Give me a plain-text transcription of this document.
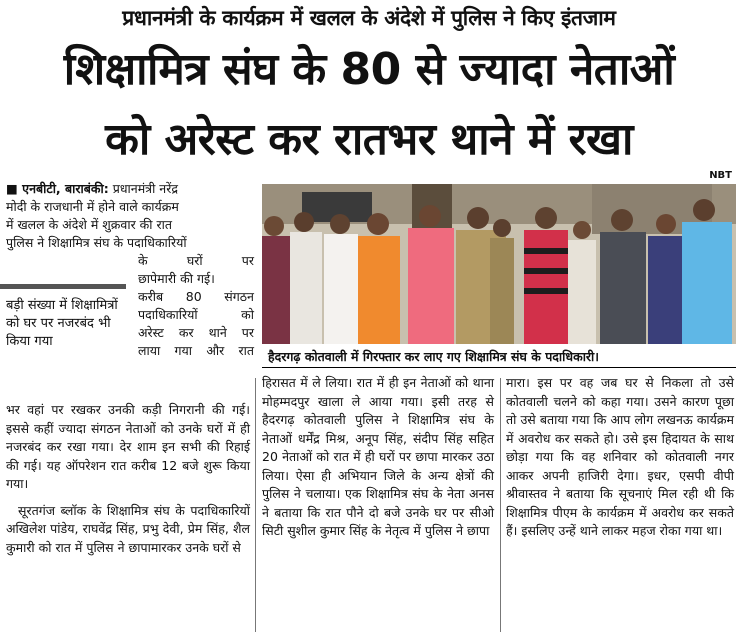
प्रधानमंत्री के कार्यक्रम में खलल के अंदेशे में पुलिस ने किए इंतजाम
शिक्षामित्र संघ के 80 से ज्यादा नेताओं
को अरेस्ट कर रातभर थाने में रखा
NBT
■ एनबीटी, बाराबंकी: प्रधानमंत्री नरेंद्र
मोदी के राजधानी में होने वाले कार्यक्रम
में खलल के अंदेशे में शुक्रवार की रात
पुलिस ने शिक्षामित्र संघ के पदाधिकारियों
के घरों पर
छापेमारी की गई।
करीब 80 संगठन
पदाधिकारियों को
अरेस्ट कर थाने पर
लाया गया और रात
बड़ी संख्या में शिक्षामित्रों को घर पर नजरबंद भी किया गया
हैदरगढ़ कोतवाली में गिरफ्तार कर लाए गए शिक्षामित्र संघ के पदाधिकारी।

भर वहां पर रखकर उनकी कड़ी निगरानी की गई। इससे कहीं ज्यादा संगठन नेताओं को उनके घरों में ही नजरबंद कर रखा गया। देर शाम इन सभी की रिहाई की गई। यह ऑपरेशन रात करीब 12 बजे शुरू किया गया।

सूरतगंज ब्लॉक के शिक्षामित्र संघ के पदाधिकारियों अखिलेश पांडेय, राघवेंद्र सिंह, प्रभु देवी, प्रेम सिंह, शैल कुमारी को रात में पुलिस ने छापामारकर उनके घरों से

हिरासत में ले लिया। रात में ही इन नेताओं को थाना मोहम्मदपुर खाला ले आया गया। इसी तरह से हैदरगढ़ कोतवाली पुलिस ने शिक्षामित्र संघ के नेताओं धर्मेंद्र मिश्र, अनूप सिंह, संदीप सिंह सहित 20 नेताओं को रात में ही घरों पर छापा मारकर उठा लिया। ऐसा ही अभियान जिले के अन्य क्षेत्रों की पुलिस ने चलाया। एक शिक्षामित्र संघ के नेता अनस ने बताया कि रात पौने दो बजे उनके घर पर सीओ सिटी सुशील कुमार सिंह के नेतृत्व में पुलिस ने छापा

मारा। इस पर वह जब घर से निकला तो उसे कोतवाली चलने को कहा गया। उसने कारण पूछा तो उसे बताया गया कि आप लोग लखनऊ कार्यक्रम में अवरोध कर सकते हो। उसे इस हिदायत के साथ छोड़ा गया कि वह शनिवार को कोतवाली नगर आकर अपनी हाजिरी देगा। इधर, एसपी वीपी श्रीवास्तव ने बताया कि सूचनाएं मिल रही थी कि शिक्षामित्र पीएम के कार्यक्रम में अवरोध कर सकते हैं। इसलिए उन्हें थाने लाकर महज रोका गया था।
